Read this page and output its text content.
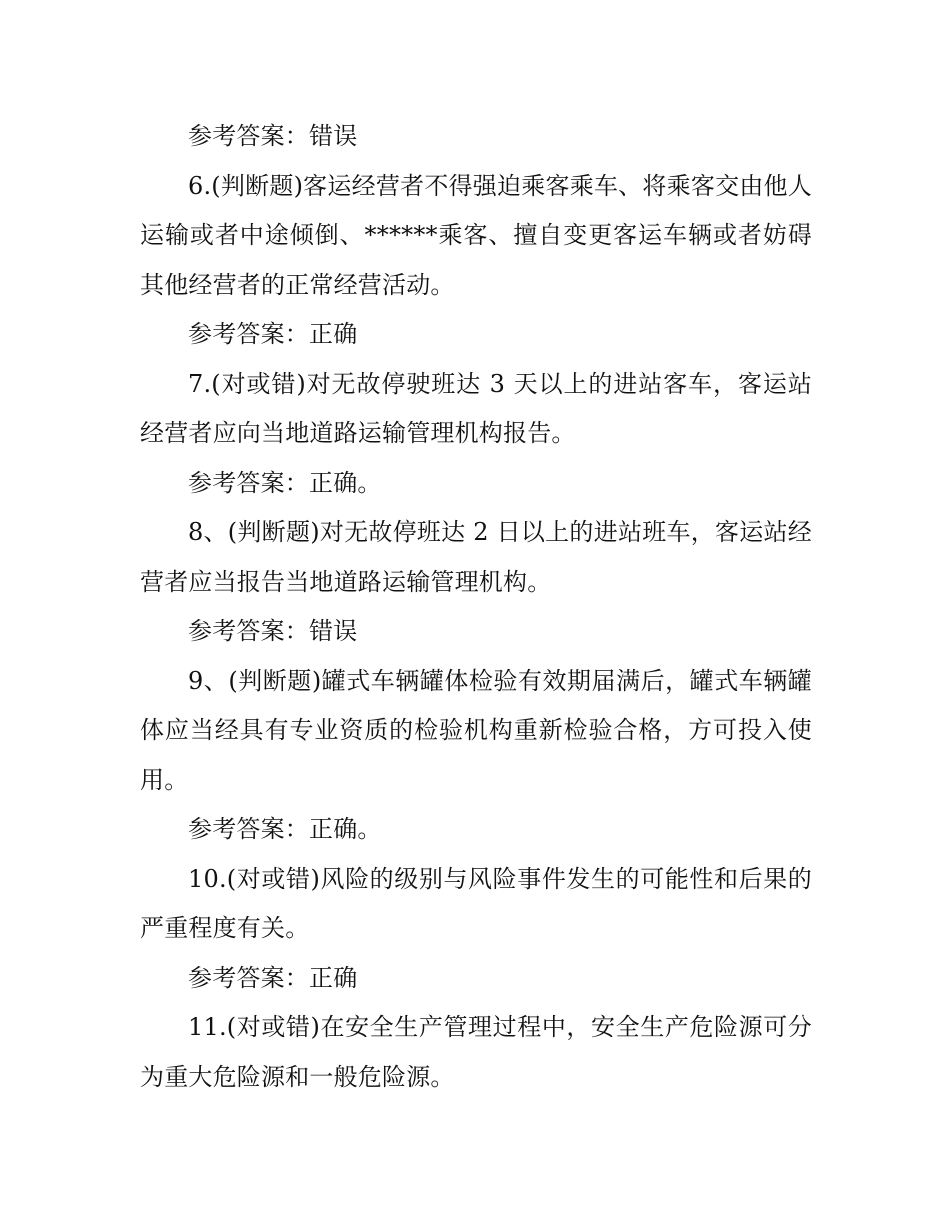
参考答案：错误

6.(判断题)客运经营者不得强迫乘客乘车、将乘客交由他人运输或者中途倾倒、******乘客、擅自变更客运车辆或者妨碍其他经营者的正常经营活动。

参考答案：正确

7.(对或错)对无故停驶班达 3 天以上的进站客车，客运站经营者应向当地道路运输管理机构报告。

参考答案：正确。

8、(判断题)对无故停班达 2 日以上的进站班车，客运站经营者应当报告当地道路运输管理机构。

参考答案：错误

9、(判断题)罐式车辆罐体检验有效期届满后，罐式车辆罐体应当经具有专业资质的检验机构重新检验合格，方可投入使用。

参考答案：正确。

10.(对或错)风险的级别与风险事件发生的可能性和后果的严重程度有关。

参考答案：正确

11.(对或错)在安全生产管理过程中，安全生产危险源可分为重大危险源和一般危险源。
